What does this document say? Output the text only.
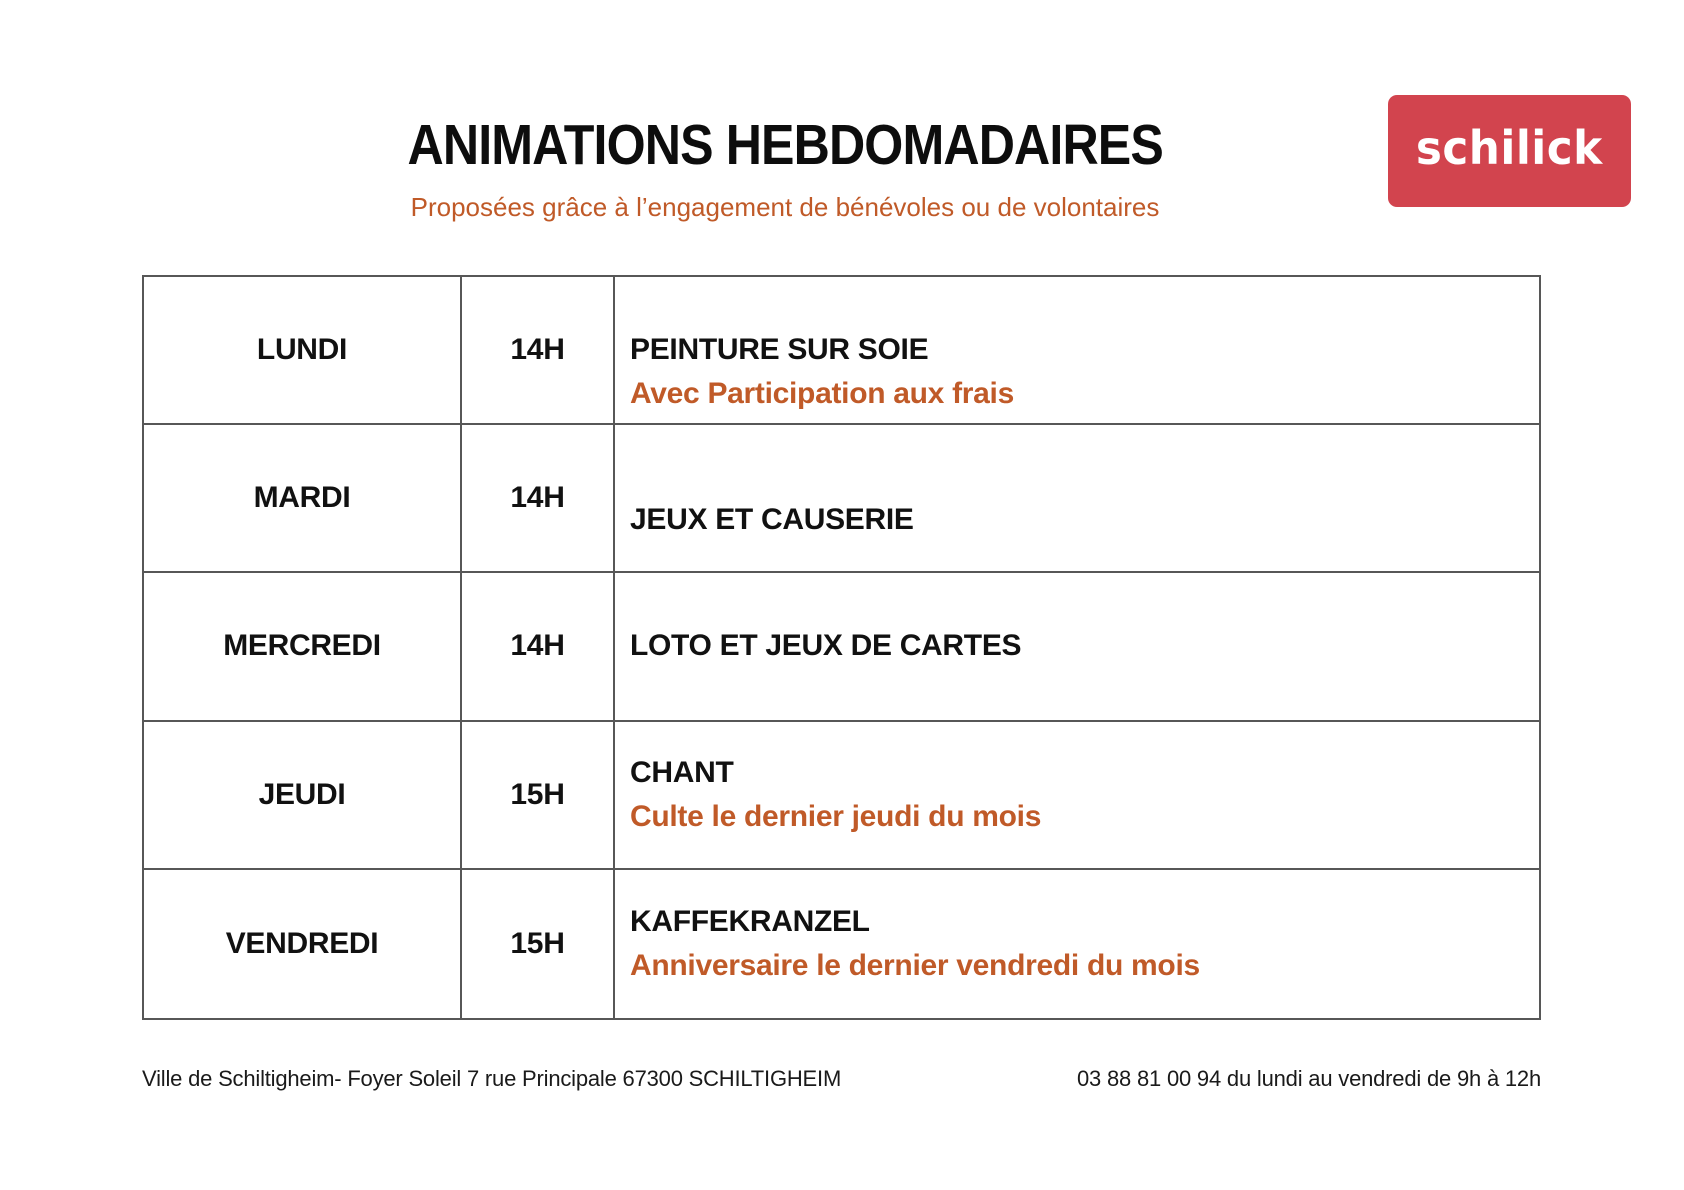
ANIMATIONS HEBDOMADAIRES
Proposées grâce à l’engagement de bénévoles ou de volontaires
schilick
LUNDI	14H PEINTURE SUR SOIE
Avec Participation aux frais
MARDI	14H
JEUX ET CAUSERIE
MERCREDI	14H LOTO ET JEUX DE CARTES
JEUDI	15H
CHANT
Culte le dernier jeudi du mois
VENDREDI	15H
KAFFEKRANZEL
Anniversaire le dernier vendredi du mois
Ville de Schiltigheim- Foyer Soleil 7 rue Principale 67300 SCHILTIGHEIM	03 88 81 00 94 du lundi au vendredi de 9h à 12h
